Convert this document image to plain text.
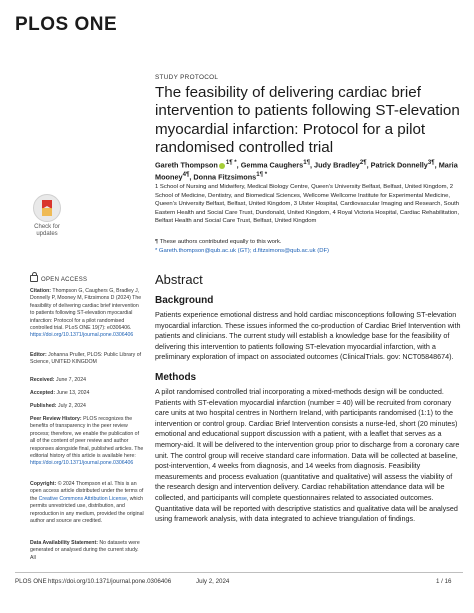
PLOS ONE
STUDY PROTOCOL
The feasibility of delivering cardiac brief intervention to patients following ST-elevation myocardial infarction: Protocol for a pilot randomised controlled trial
Gareth Thompson $^{1\P *}$, Gemma Caughers$^{1\P}$, Judy Bradley$^{2\P}$, Patrick Donnelly$^{3\P}$, Maria Mooney$^{4\P}$, Donna Fitzsimons$^{1\P *}$
1 School of Nursing and Midwifery, Medical Biology Centre, Queen’s University Belfast, Belfast, United Kingdom, 2 School of Medicine, Dentistry, and Biomedical Sciences, Wellcome Wellcome Institute for Experimental Medicine, Queen’s University Belfast, Belfast, United Kingdom, 3 Ulster Hospital, Cardiovascular Imaging and Research, South Eastern Health and Social Care Trust, Dundonald, United Kingdom, 4 Royal Victoria Hospital, Cardiac Rehabilitation, Belfast Health and Social Care Trust, Belfast, United Kingdom
¶ These authors contributed equally to this work.
* Gareth.thompson@qub.ac.uk (GT); d.fitzsimons@qub.ac.uk (DF)
Check for
updates
OPEN ACCESS
Citation: Thompson G, Caughers G, Bradley J, Donnelly P, Mooney M, Fitzsimons D (2024) The feasibility of delivering cardiac brief intervention to patients following ST-elevation myocardial infarction: Protocol for a pilot randomised controlled trial. PLoS ONE 19(7): e0306406. https://doi.org/10.1371/journal.pone.0306406
Editor: Johanna Pruller, PLOS: Public Library of Science, UNITED KINGDOM
Received: June 7, 2024
Accepted: June 13, 2024
Published: July 2, 2024
Peer Review History: PLOS recognizes the benefits of transparency in the peer review process; therefore, we enable the publication of all of the content of peer review and author responses alongside final, published articles. The editorial history of this article is available here: https://doi.org/10.1371/journal.pone.0306406
Copyright: © 2024 Thompson et al. This is an open access article distributed under the terms of the Creative Commons Attribution License, which permits unrestricted use, distribution, and reproduction in any medium, provided the original author and source are credited.
Data Availability Statement: No datasets were generated or analysed during the current study. All
Abstract
Background
Patients experience emotional distress and hold cardiac misconceptions following ST-elevation myocardial infarction. These issues informed the co-production of Cardiac Brief Intervention with patients and clinicians. The current study will establish a knowledge base for the feasibility of delivering this intervention to patients following ST-elevation myocardial infarction, with a preliminary exploration of impact on associated outcomes (ClinicalTrials. gov: NCT05848674).
Methods
A pilot randomised controlled trial incorporating a mixed-methods design will be conducted. Patients with ST-elevation myocardial infarction (number = 40) will be recruited from coronary care units at two hospital centres in Northern Ireland, with participants randomised (1:1) to the intervention or control group. Cardiac Brief Intervention consists a nurse-led, short (20 minutes) emotional and educational support discussion with a patient, with a leaflet that serves as a memory-aid. It will be delivered to the intervention group prior to discharge from a coronary care unit. The control group will receive standard care information. Data will be collected at baseline, post-intervention, 4 weeks from diagnosis, and 14 weeks from diagnosis. Feasibility measurements and process evaluation (quantitative and qualitative) will assess the viability of the research design and intervention delivery. Cardiac rehabilitation attendance data will be collected, and participants will complete questionnaires related to associated outcomes. Quantitative data will be reported with descriptive statistics and qualitative data will be analysed using framework analysis, with data integrated to achieve triangulation of findings.
PLOS ONE https://doi.org/10.1371/journal.pone.0306406	July 2, 2024	1 / 16
